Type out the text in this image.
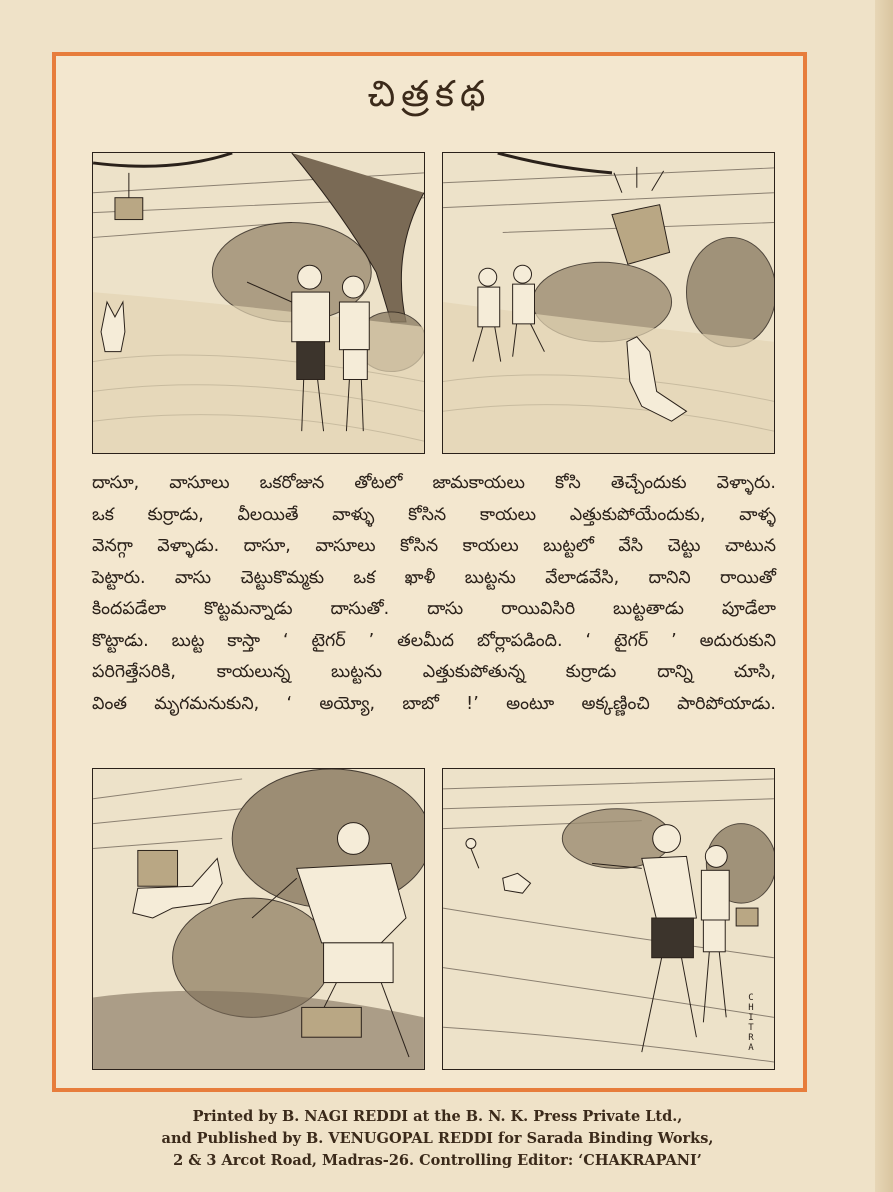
చిత్రకథ
దాసూ, వాసూలు ఒకరోజున తోటలో జామకాయలు కోసి తెచ్చేందుకు వెళ్ళారు.
ఒక కుర్రాడు, వీలయితే వాళ్ళు కోసిన కాయలు ఎత్తుకుపోయేందుకు, వాళ్ళ
వెనగ్గా వెళ్ళాడు. దాసూ, వాసూలు కోసిన కాయలు బుట్టలో వేసి చెట్టు చాటున
పెట్టారు. వాసు చెట్టుకొమ్మకు ఒక ఖాళీ బుట్టను వేలాడవేసి, దానిని రాయితో
కిందపడేలా కొట్టమన్నాడు దాసుతో. దాసు రాయివిసిరి బుట్టతాడు పూడేలా
కొట్టాడు. బుట్ట కాస్తా ‘ టైగర్ ’ తలమీద బోర్లాపడింది. ‘ టైగర్ ’ అదురుకుని
పరిగెత్తేసరికి, కాయలున్న బుట్టను ఎత్తుకుపోతున్న కుర్రాడు దాన్ని చూసి,
వింత మృగమనుకుని, ‘ అయ్యో, బాబో !’ అంటూ అక్కణ్ణించి పారిపోయాడు.
C
H
I
T
R
A
Printed by B. NAGI REDDI at the B. N. K. Press Private Ltd.,
and Published by B. VENUGOPAL REDDI for Sarada Binding Works,
2 & 3 Arcot Road, Madras-26. Controlling Editor: ‘CHAKRAPANI’
